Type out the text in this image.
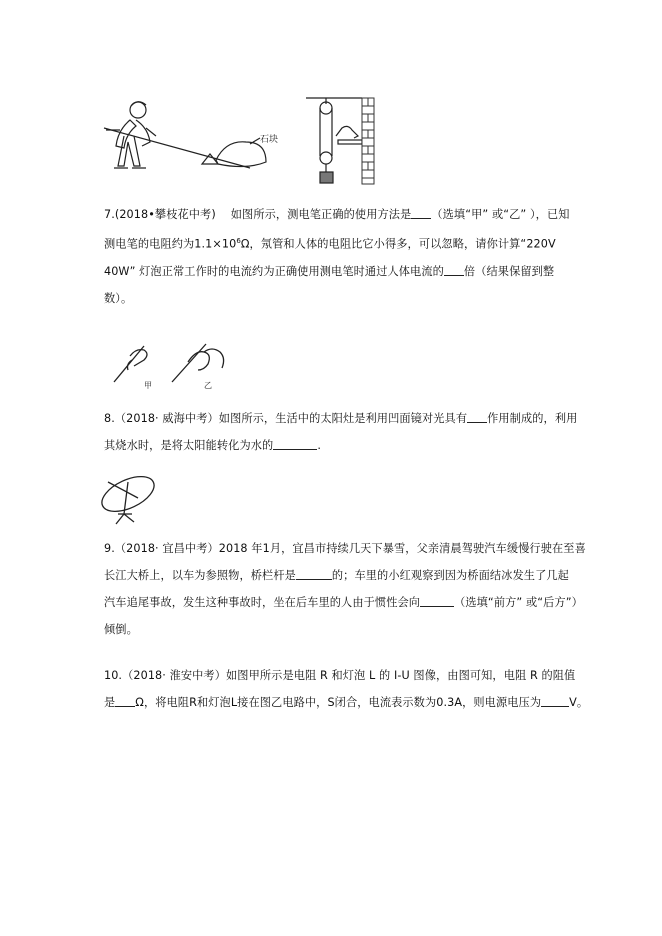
石块

7.(2018•攀枝花中考)　 如图所示，测电笔正确的使用方法是 （选填“甲” 或“乙” ），已知

测电笔的电阻约为$1.1\times 10^6\Omega$，氖管和人体的电阻比它小得多，可以忽略，请你计算“220V

40W” 灯泡正常工作时的电流约为正确使用测电笔时通过人体电流的 倍（结果保留到整

数）。

甲	乙

8.（2018· 威海中考）如图所示，生活中的太阳灶是利用凹面镜对光具有 作用制成的，利用

其烧水时，是将太阳能转化为水的	.

9.（2018· 宜昌中考）2018 年1月，宜昌市持续几天下暴雪，父亲清晨驾驶汽车缓慢行驶在至喜

长江大桥上，以车为参照物，桥栏杆是	的；车里的小红观察到因为桥面结冰发生了几起

汽车追尾事故，发生这种事故时，坐在后车里的人由于惯性会向	（选填“前方” 或“后方”）

倾倒。

10.（2018· 淮安中考）如图甲所示是电阻 R 和灯泡 L 的 I-U 图像，由图可知，电阻 R 的阻值

是 Ω，将电阻R和灯泡L接在图乙电路中，S闭合，电流表示数为0.3A，则电源电压为	V。
